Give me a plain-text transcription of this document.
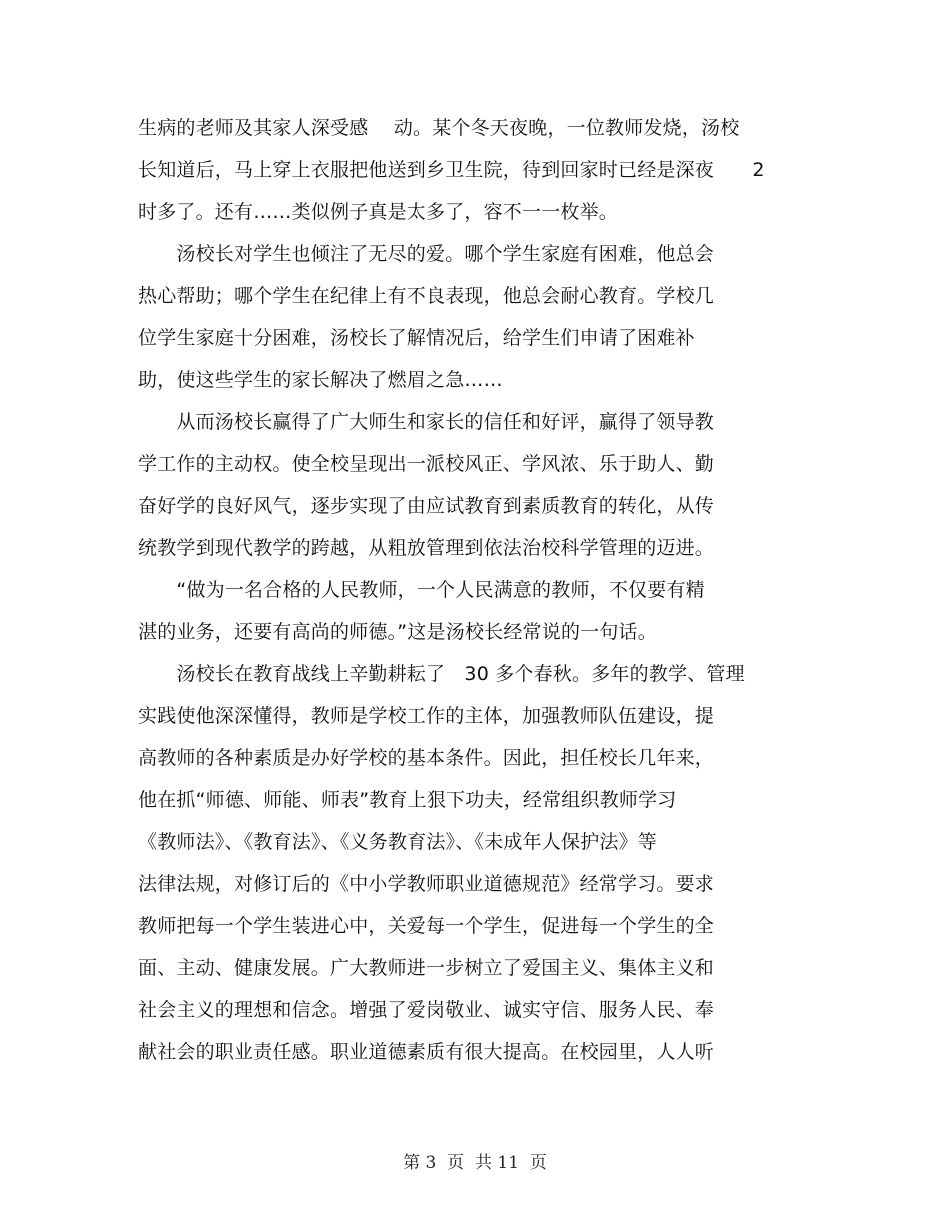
生病的老师及其家人深受感　 动。某个冬天夜晚，一位教师发烧，汤校
长知道后，马上穿上衣服把他送到乡卫生院，待到回家时已经是深夜　　2
时多了。还有……类似例子真是太多了，容不一一枚举。
　　汤校长对学生也倾注了无尽的爱。哪个学生家庭有困难，他总会
热心帮助；哪个学生在纪律上有不良表现，他总会耐心教育。学校几
位学生家庭十分困难，汤校长了解情况后，给学生们申请了困难补
助，使这些学生的家长解决了燃眉之急……
　　从而汤校长赢得了广大师生和家长的信任和好评，赢得了领导教
学工作的主动权。使全校呈现出一派校风正、学风浓、乐于助人、勤
奋好学的良好风气，逐步实现了由应试教育到素质教育的转化，从传
统教学到现代教学的跨越，从粗放管理到依法治校科学管理的迈进。
　　“做为一名合格的人民教师，一个人民满意的教师，不仅要有精
湛的业务，还要有高尚的师德。”这是汤校长经常说的一句话。
　　汤校长在教育战线上辛勤耕耘了　30 多个春秋。多年的教学、管理
实践使他深深懂得，教师是学校工作的主体，加强教师队伍建设，提
高教师的各种素质是办好学校的基本条件。因此，担任校长几年来，
他在抓“师德、师能、师表”教育上狠下功夫，经常组织教师学习
《教师法》、《教育法》、《义务教育法》、《未成年人保护法》等
法律法规，对修订后的《中小学教师职业道德规范》经常学习。要求
教师把每一个学生装进心中，关爱每一个学生，促进每一个学生的全
面、主动、健康发展。广大教师进一步树立了爱国主义、集体主义和
社会主义的理想和信念。增强了爱岗敬业、诚实守信、服务人民、奉
献社会的职业责任感。职业道德素质有很大提高。在校园里，人人听
第 3  页  共 11  页
